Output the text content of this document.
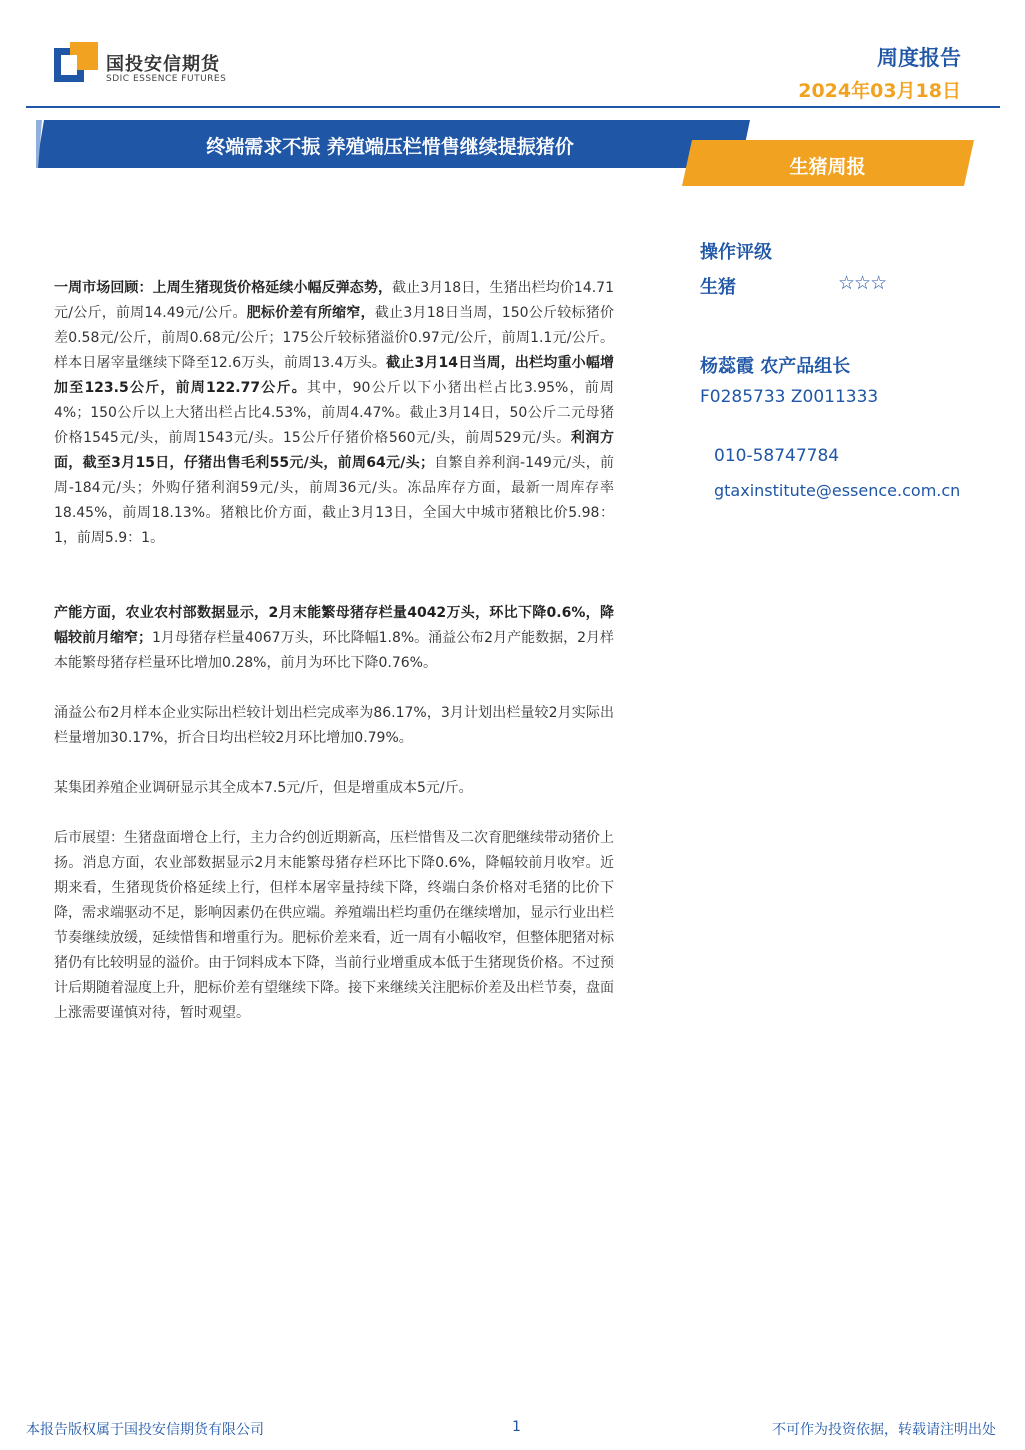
国投安信期货
SDIC ESSENCE FUTURES
周度报告
2024年03月18日
终端需求不振 养殖端压栏惜售继续提振猪价
生猪周报

一周市场回顾：上周生猪现货价格延续小幅反弹态势，截止3月18日，生猪出栏均价14.71元/公斤，前周14.49元/公斤。肥标价差有所缩窄，截止3月18日当周，150公斤较标猪价差0.58元/公斤，前周0.68元/公斤；175公斤较标猪溢价0.97元/公斤，前周1.1元/公斤。样本日屠宰量继续下降至12.6万头，前周13.4万头。截止3月14日当周，出栏均重小幅增加至123.5公斤，前周122.77公斤。其中，90公斤以下小猪出栏占比3.95%，前周4%；150公斤以上大猪出栏占比4.53%，前周4.47%。截止3月14日，50公斤二元母猪价格1545元/头，前周1543元/头。15公斤仔猪价格560元/头，前周529元/头。利润方面，截至3月15日，仔猪出售毛利55元/头，前周64元/头；自繁自养利润-149元/头，前周-184元/头；外购仔猪利润59元/头，前周36元/头。冻品库存方面，最新一周库存率18.45%，前周18.13%。猪粮比价方面，截止3月13日，全国大中城市猪粮比价5.98：1，前周5.9：1。

产能方面，农业农村部数据显示，2月末能繁母猪存栏量4042万头，环比下降0.6%，降幅较前月缩窄；1月母猪存栏量4067万头，环比降幅1.8%。涌益公布2月产能数据，2月样本能繁母猪存栏量环比增加0.28%，前月为环比下降0.76%。

涌益公布2月样本企业实际出栏较计划出栏完成率为86.17%，3月计划出栏量较2月实际出栏量增加30.17%，折合日均出栏较2月环比增加0.79%。

某集团养殖企业调研显示其全成本7.5元/斤，但是增重成本5元/斤。

后市展望：生猪盘面增仓上行，主力合约创近期新高，压栏惜售及二次育肥继续带动猪价上扬。消息方面，农业部数据显示2月末能繁母猪存栏环比下降0.6%，降幅较前月收窄。近期来看，生猪现货价格延续上行，但样本屠宰量持续下降，终端白条价格对毛猪的比价下降，需求端驱动不足，影响因素仍在供应端。养殖端出栏均重仍在继续增加，显示行业出栏节奏继续放缓，延续惜售和增重行为。肥标价差来看，近一周有小幅收窄，但整体肥猪对标猪仍有比较明显的溢价。由于饲料成本下降，当前行业增重成本低于生猪现货价格。不过预计后期随着湿度上升，肥标价差有望继续下降。接下来继续关注肥标价差及出栏节奏，盘面上涨需要谨慎对待，暂时观望。

操作评级
生猪	☆☆☆
杨蕊霞 农产品组长
F0285733 Z0011333
010-58747784
gtaxinstitute@essence.com.cn
本报告版权属于国投安信期货有限公司	1	不可作为投资依据，转载请注明出处
